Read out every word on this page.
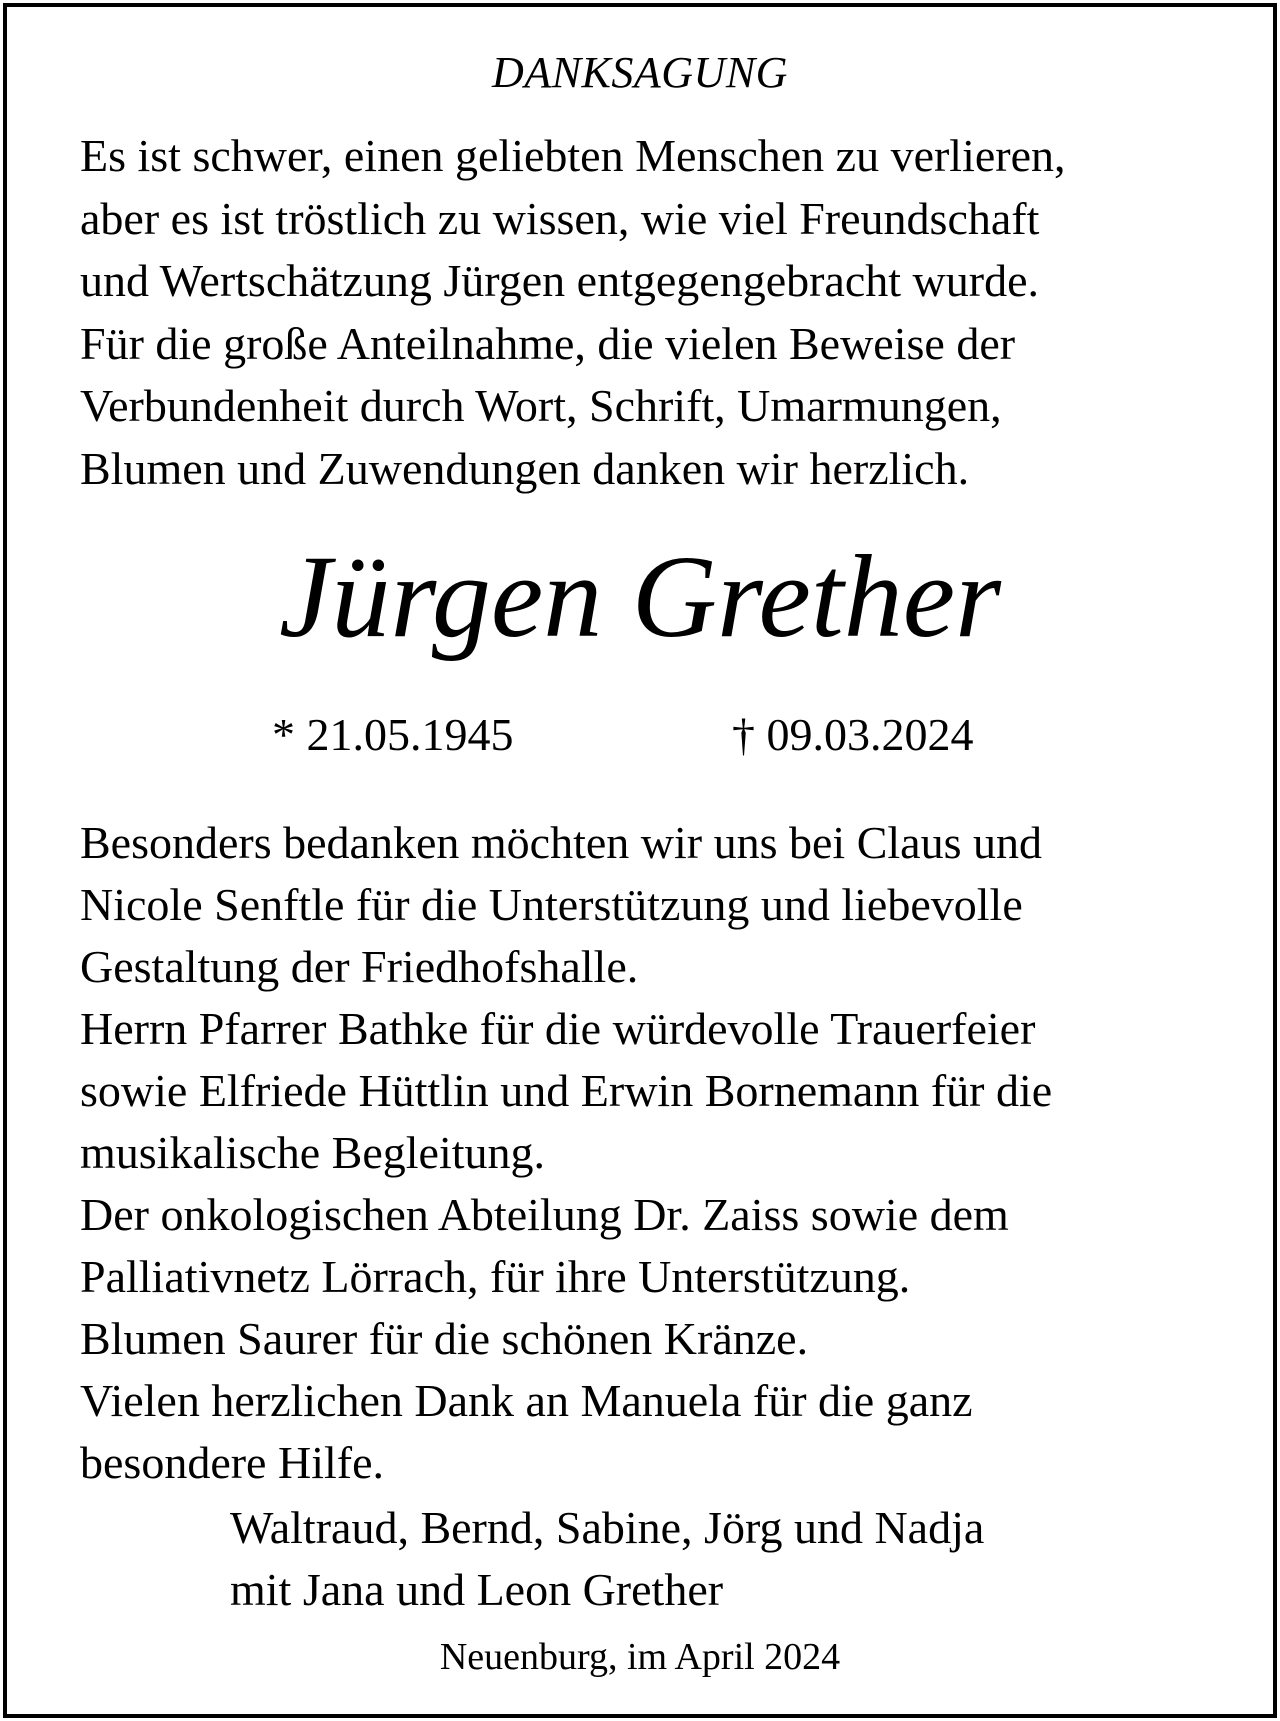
DANKSAGUNG

Es ist schwer, einen geliebten Menschen zu verlieren,
aber es ist tröstlich zu wissen, wie viel Freundschaft
und Wertschätzung Jürgen entgegengebracht wurde.
Für die große Anteilnahme, die vielen Beweise der
Verbundenheit durch Wort, Schrift, Umarmungen,
Blumen und Zuwendungen danken wir herzlich.

Jürgen Grether
* 21.05.1945	† 09.03.2024

Besonders bedanken möchten wir uns bei Claus und
Nicole Senftle für die Unterstützung und liebevolle
Gestaltung der Friedhofshalle.
Herrn Pfarrer Bathke für die würdevolle Trauerfeier
sowie Elfriede Hüttlin und Erwin Bornemann für die
musikalische Begleitung.
Der onkologischen Abteilung Dr. Zaiss sowie dem
Palliativnetz Lörrach, für ihre Unterstützung.
Blumen Saurer für die schönen Kränze.
Vielen herzlichen Dank an Manuela für die ganz
besondere Hilfe.

Waltraud, Bernd, Sabine, Jörg und Nadja
mit Jana und Leon Grether
Neuenburg, im April 2024
